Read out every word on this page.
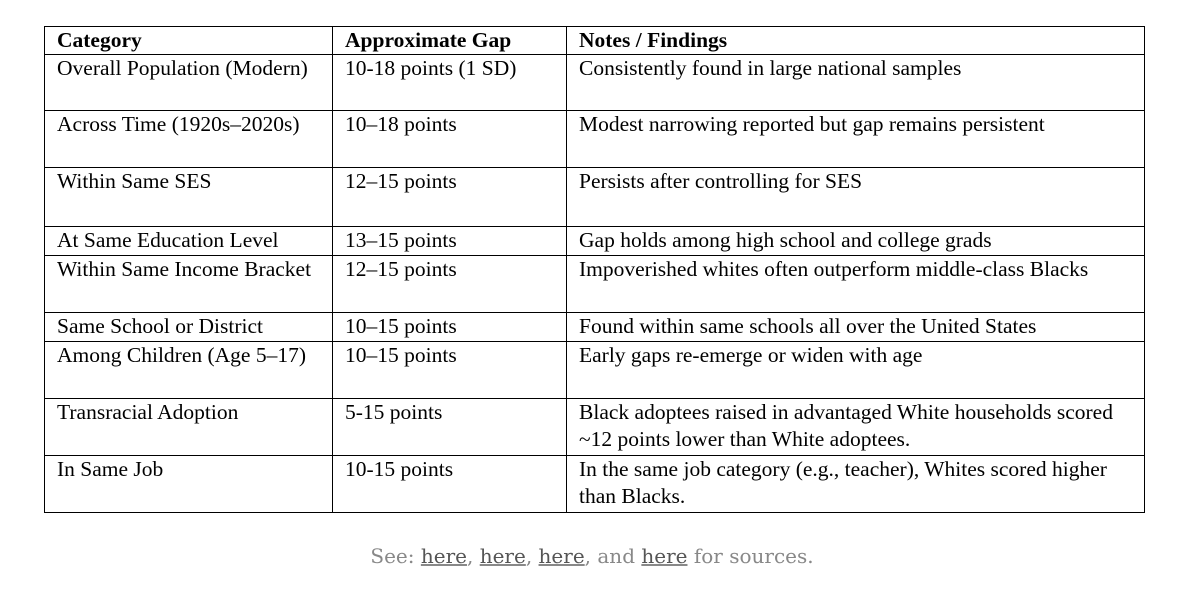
Category	Approximate Gap	Notes / Findings
Overall Population (Modern)	10-18 points (1 SD)	Consistently found in large national samples
Across Time (1920s–2020s)	10–18 points	Modest narrowing reported but gap remains persistent
Within Same SES	12–15 points	Persists after controlling for SES
At Same Education Level	13–15 points	Gap holds among high school and college grads
Within Same Income Bracket	12–15 points	Impoverished whites often outperform middle-class Blacks
Same School or District	10–15 points	Found within same schools all over the United States
Among Children (Age 5–17)	10–15 points	Early gaps re-emerge or widen with age
Transracial Adoption	5-15 points	Black adoptees raised in advantaged White households scored ~12 points lower than White adoptees.
In Same Job	10-15 points	In the same job category (e.g., teacher), Whites scored higher than Blacks.
See: here, here, here, and here for sources.
